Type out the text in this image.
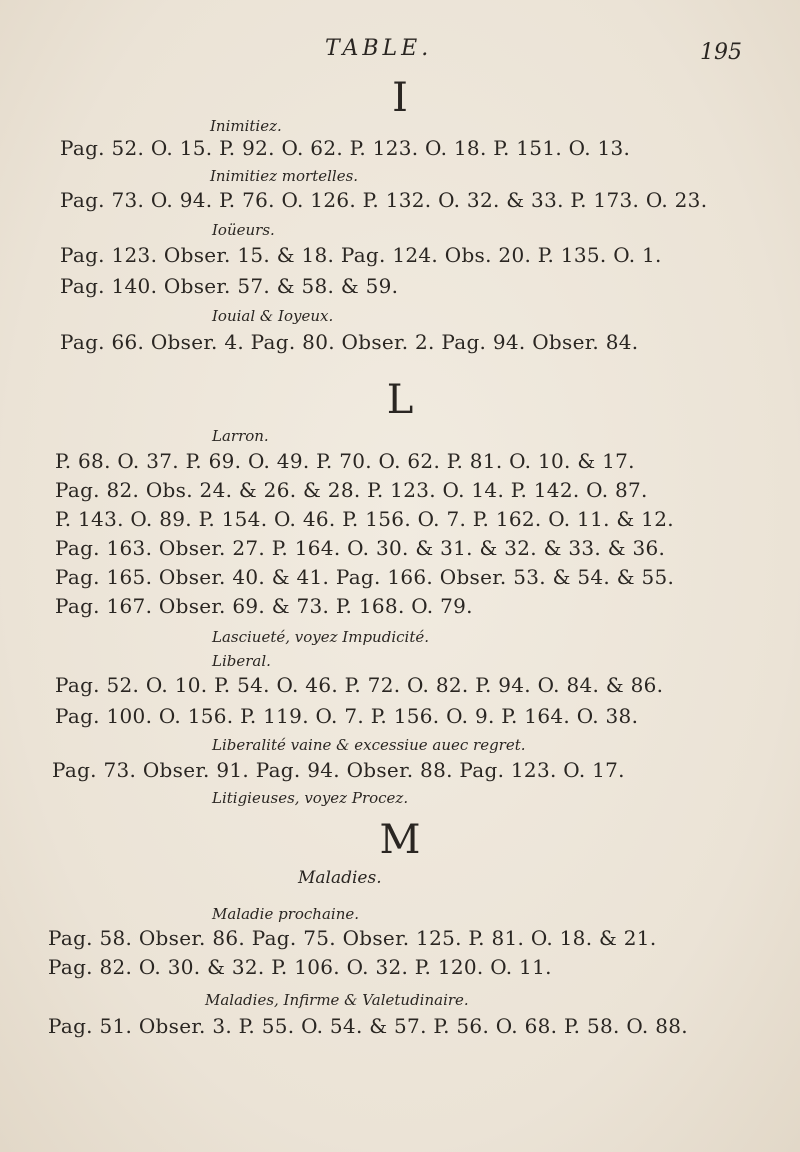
TABLE.	195
I
Inimitiez.
Pag. 52. O. 15. P. 92. O. 62. P. 123. O. 18. P. 151. O. 13.
Inimitiez mortelles.
Pag. 73. O. 94. P. 76. O. 126. P. 132. O. 32. & 33. P. 173. O. 23.
Ioüeurs.
Pag. 123. Obser. 15. & 18. Pag. 124. Obs. 20. P. 135. O. 1.
Pag. 140. Obser. 57. & 58. & 59.
Iouial & Ioyeux.
Pag. 66. Obser. 4. Pag. 80. Obser. 2. Pag. 94. Obser. 84.
L
Larron.
P. 68. O. 37. P. 69. O. 49. P. 70. O. 62. P. 81. O. 10. & 17.
Pag. 82. Obs. 24. & 26. & 28. P. 123. O. 14. P. 142. O. 87.
P. 143. O. 89. P. 154. O. 46. P. 156. O. 7. P. 162. O. 11. & 12.
Pag. 163. Obser. 27. P. 164. O. 30. & 31. & 32. & 33. & 36.
Pag. 165. Obser. 40. & 41. Pag. 166. Obser. 53. & 54. & 55.
Pag. 167. Obser. 69. & 73. P. 168. O. 79.
Lasciueté, voyez Impudicité.
Liberal.
Pag. 52. O. 10. P. 54. O. 46. P. 72. O. 82. P. 94. O. 84. & 86.
Pag. 100. O. 156. P. 119. O. 7. P. 156. O. 9. P. 164. O. 38.
Liberalité vaine & excessiue auec regret.
Pag. 73. Obser. 91. Pag. 94. Obser. 88. Pag. 123. O. 17.
Litigieuses, voyez Procez.
M
Maladies.
Maladie prochaine.
Pag. 58. Obser. 86. Pag. 75. Obser. 125. P. 81. O. 18. & 21.
Pag. 82. O. 30. & 32. P. 106. O. 32. P. 120. O. 11.
Maladies, Infirme & Valetudinaire.
Pag. 51. Obser. 3. P. 55. O. 54. & 57. P. 56. O. 68. P. 58. O. 88.
